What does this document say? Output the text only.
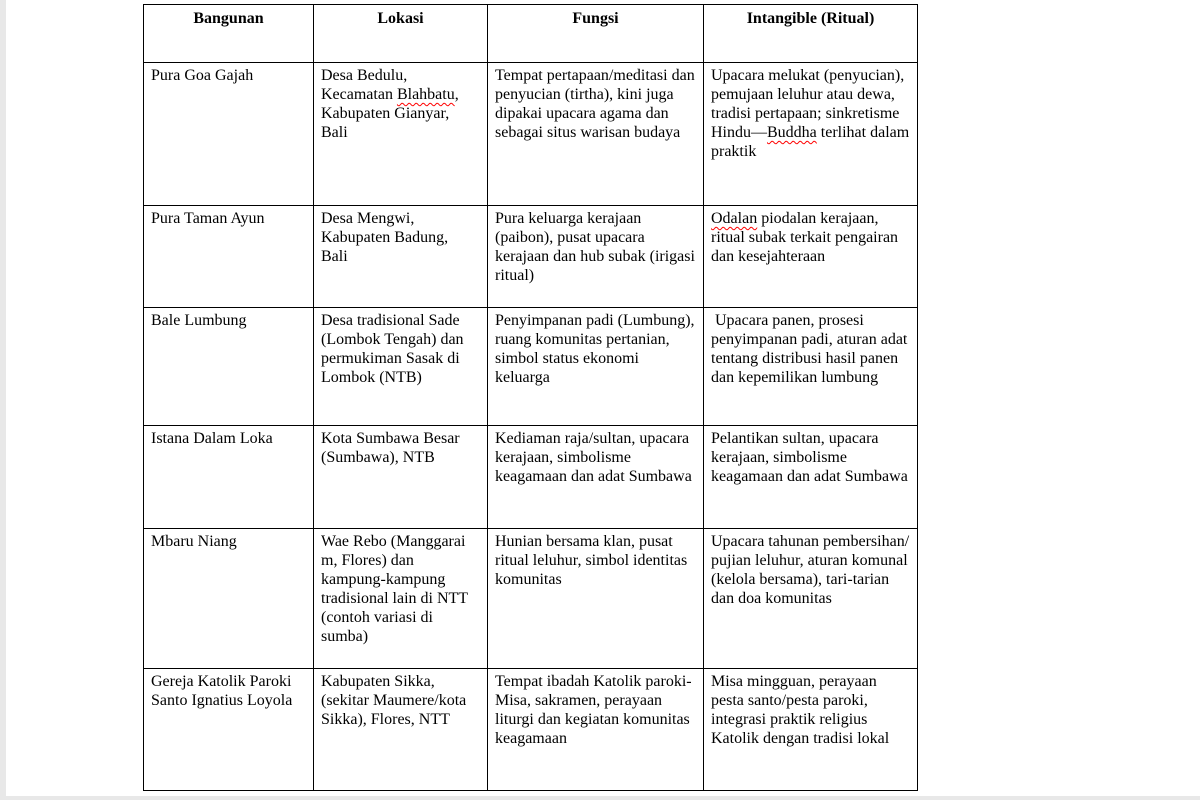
Bangunan	Lokasi	Fungsi	Intangible (Ritual)
Pura Goa Gajah	Desa Bedulu, Kecamatan Blahbatu, Kabupaten Gianyar, Bali	Tempat pertapaan/meditasi dan penyucian (tirtha), kini juga dipakai upacara agama dan sebagai situs warisan budaya	Upacara melukat (penyucian), pemujaan leluhur atau dewa, tradisi pertapaan; sinkretisme Hindu—Buddha terlihat dalam praktik
Pura Taman Ayun	Desa Mengwi, Kabupaten Badung, Bali	Pura keluarga kerajaan (paibon), pusat upacara kerajaan dan hub subak (irigasi ritual)	Odalan piodalan kerajaan, ritual subak terkait pengairan dan kesejahteraan
Bale Lumbung	Desa tradisional Sade (Lombok Tengah) dan permukiman Sasak di Lombok (NTB)	Penyimpanan padi (Lumbung), ruang komunitas pertanian, simbol status ekonomi keluarga	Upacara panen, prosesi penyimpanan padi, aturan adat tentang distribusi hasil panen dan kepemilikan lumbung
Istana Dalam Loka	Kota Sumbawa Besar (Sumbawa), NTB	Kediaman raja/sultan, upacara kerajaan, simbolisme keagamaan dan adat Sumbawa	Pelantikan sultan, upacara kerajaan, simbolisme keagamaan dan adat Sumbawa
Mbaru Niang	Wae Rebo (Manggarai m, Flores) dan kampung-kampung tradisional lain di NTT (contoh variasi di sumba)	Hunian bersama klan, pusat ritual leluhur, simbol identitas komunitas	Upacara tahunan pembersihan/ pujian leluhur, aturan komunal (kelola bersama), tari-tarian dan doa komunitas
Gereja Katolik Paroki Santo Ignatius Loyola	Kabupaten Sikka, (sekitar Maumere/kota Sikka), Flores, NTT	Tempat ibadah Katolik paroki-Misa, sakramen, perayaan liturgi dan kegiatan komunitas keagamaan	Misa mingguan, perayaan pesta santo/pesta paroki, integrasi praktik religius Katolik dengan tradisi lokal
